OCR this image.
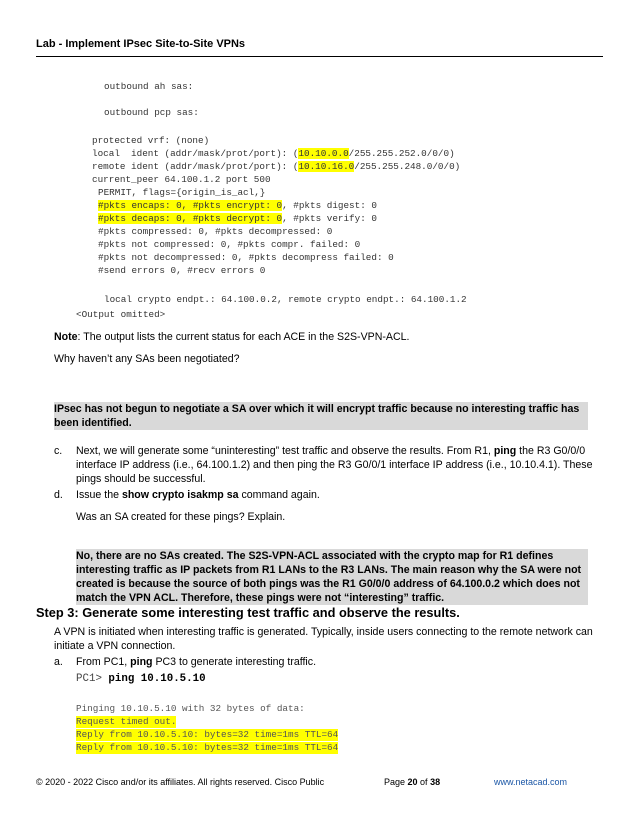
Lab - Implement IPsec Site-to-Site VPNs
outbound ah sas:
outbound pcp sas:
protected vrf: (none)
local  ident (addr/mask/prot/port): (10.10.0.0/255.255.252.0/0/0)
remote ident (addr/mask/prot/port): (10.10.16.0/255.255.248.0/0/0)
current_peer 64.100.1.2 port 500
PERMIT, flags={origin_is_acl,}
#pkts encaps: 0, #pkts encrypt: 0, #pkts digest: 0
#pkts decaps: 0, #pkts decrypt: 0, #pkts verify: 0
#pkts compressed: 0, #pkts decompressed: 0
#pkts not compressed: 0, #pkts compr. failed: 0
#pkts not decompressed: 0, #pkts decompress failed: 0
#send errors 0, #recv errors 0
local crypto endpt.: 64.100.0.2, remote crypto endpt.: 64.100.1.2
<Output omitted>
Note: The output lists the current status for each ACE in the S2S-VPN-ACL.
Why haven’t any SAs been negotiated?
IPsec has not begun to negotiate a SA over which it will encrypt traffic because no interesting traffic has been identified.
c. Next, we will generate some “uninteresting” test traffic and observe the results. From R1, ping the R3 G0/0/0 interface IP address (i.e., 64.100.1.2) and then ping the R3 G0/0/1 interface IP address (i.e., 10.10.4.1). These pings should be successful.
d. Issue the show crypto isakmp sa command again.
Was an SA created for these pings? Explain.
No, there are no SAs created. The S2S-VPN-ACL associated with the crypto map for R1 defines
interesting traffic as IP packets from R1 LANs to the R3 LANs. The main reason why the SA were not
created is because the source of both pings was the R1 G0/0/0 address of 64.100.0.2 which does not
match the VPN ACL. Therefore, these pings were not “interesting” traffic.
Step 3: Generate some interesting test traffic and observe the results.
A VPN is initiated when interesting traffic is generated. Typically, inside users connecting to the remote network can initiate a VPN connection.
a. From PC1, ping PC3 to generate interesting traffic.
PC1> ping 10.10.5.10
Pinging 10.10.5.10 with 32 bytes of data:
Request timed out.
Reply from 10.10.5.10: bytes=32 time=1ms TTL=64
Reply from 10.10.5.10: bytes=32 time=1ms TTL=64
© 2020 - 2022 Cisco and/or its affiliates. All rights reserved. Cisco Public	Page 20 of 38	www.netacad.com
